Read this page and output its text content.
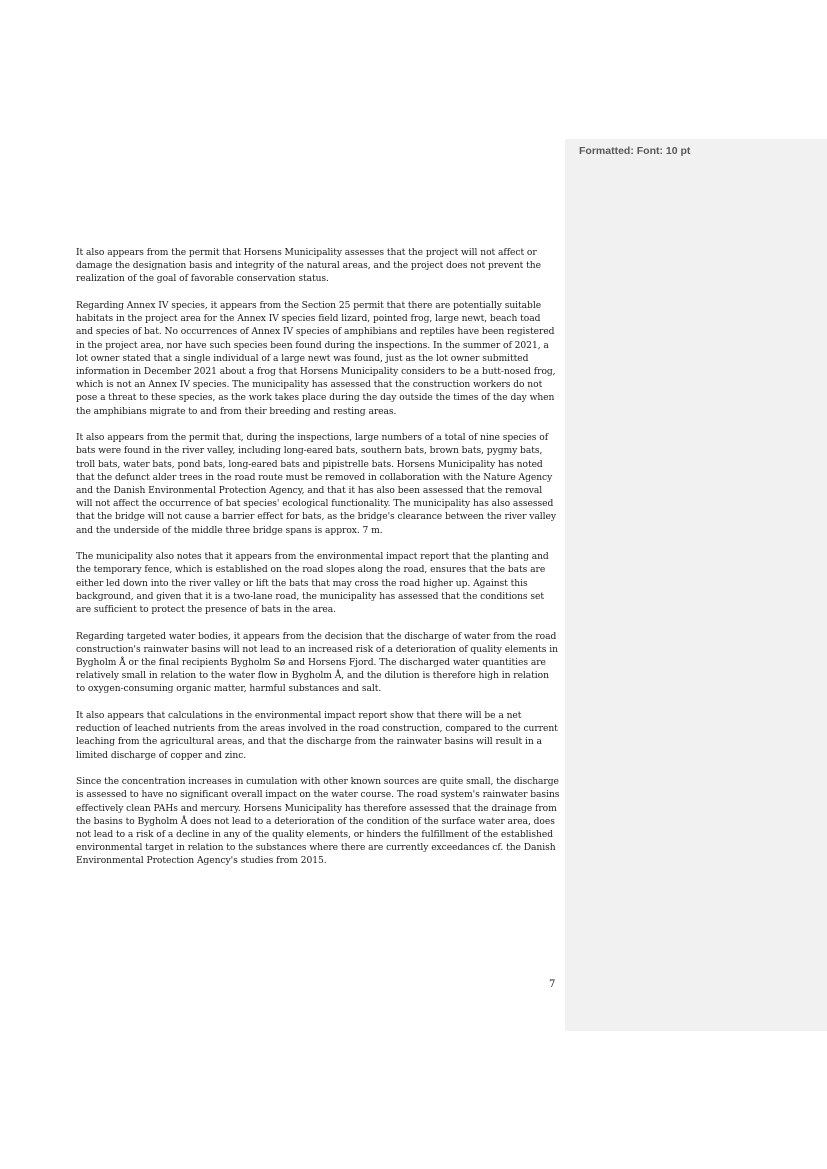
Formatted: Font: 10 pt

It also appears from the permit that Horsens Municipality assesses that the project will not affect or damage the designation basis and integrity of the natural areas, and the project does not prevent the realization of the goal of favorable conservation status.

Regarding Annex IV species, it appears from the Section 25 permit that there are potentially suitable habitats in the project area for the Annex IV species field lizard, pointed frog, large newt, beach toad and species of bat. No occurrences of Annex IV species of amphibians and reptiles have been registered in the project area, nor have such species been found during the inspections. In the summer of 2021, a lot owner stated that a single individual of a large newt was found, just as the lot owner submitted information in December 2021 about a frog that Horsens Municipality considers to be a butt-nosed frog, which is not an Annex IV species. The municipality has assessed that the construction workers do not pose a threat to these species, as the work takes place during the day outside the times of the day when the amphibians migrate to and from their breeding and resting areas.

It also appears from the permit that, during the inspections, large numbers of a total of nine species of bats were found in the river valley, including long-eared bats, southern bats, brown bats, pygmy bats, troll bats, water bats, pond bats, long-eared bats and pipistrelle bats. Horsens Municipality has noted that the defunct alder trees in the road route must be removed in collaboration with the Nature Agency and the Danish Environmental Protection Agency, and that it has also been assessed that the removal will not affect the occurrence of bat species' ecological functionality. The municipality has also assessed that the bridge will not cause a barrier effect for bats, as the bridge's clearance between the river valley and the underside of the middle three bridge spans is approx. 7 m.

The municipality also notes that it appears from the environmental impact report that the planting and the temporary fence, which is established on the road slopes along the road, ensures that the bats are either led down into the river valley or lift the bats that may cross the road higher up. Against this background, and given that it is a two-lane road, the municipality has assessed that the conditions set are sufficient to protect the presence of bats in the area.

Regarding targeted water bodies, it appears from the decision that the discharge of water from the road construction's rainwater basins will not lead to an increased risk of a deterioration of quality elements in Bygholm Å or the final recipients Bygholm Sø and Horsens Fjord. The discharged water quantities are relatively small in relation to the water flow in Bygholm Å, and the dilution is therefore high in relation to oxygen-consuming organic matter, harmful substances and salt.

It also appears that calculations in the environmental impact report show that there will be a net reduction of leached nutrients from the areas involved in the road construction, compared to the current leaching from the agricultural areas, and that the discharge from the rainwater basins will result in a limited discharge of copper and zinc.

Since the concentration increases in cumulation with other known sources are quite small, the discharge is assessed to have no significant overall impact on the water course. The road system's rainwater basins effectively clean PAHs and mercury. Horsens Municipality has therefore assessed that the drainage from the basins to Bygholm Å does not lead to a deterioration of the condition of the surface water area, does not lead to a risk of a decline in any of the quality elements, or hinders the fulfillment of the established environmental target in relation to the substances where there are currently exceedances cf. the Danish Environmental Protection Agency's studies from 2015.

7
